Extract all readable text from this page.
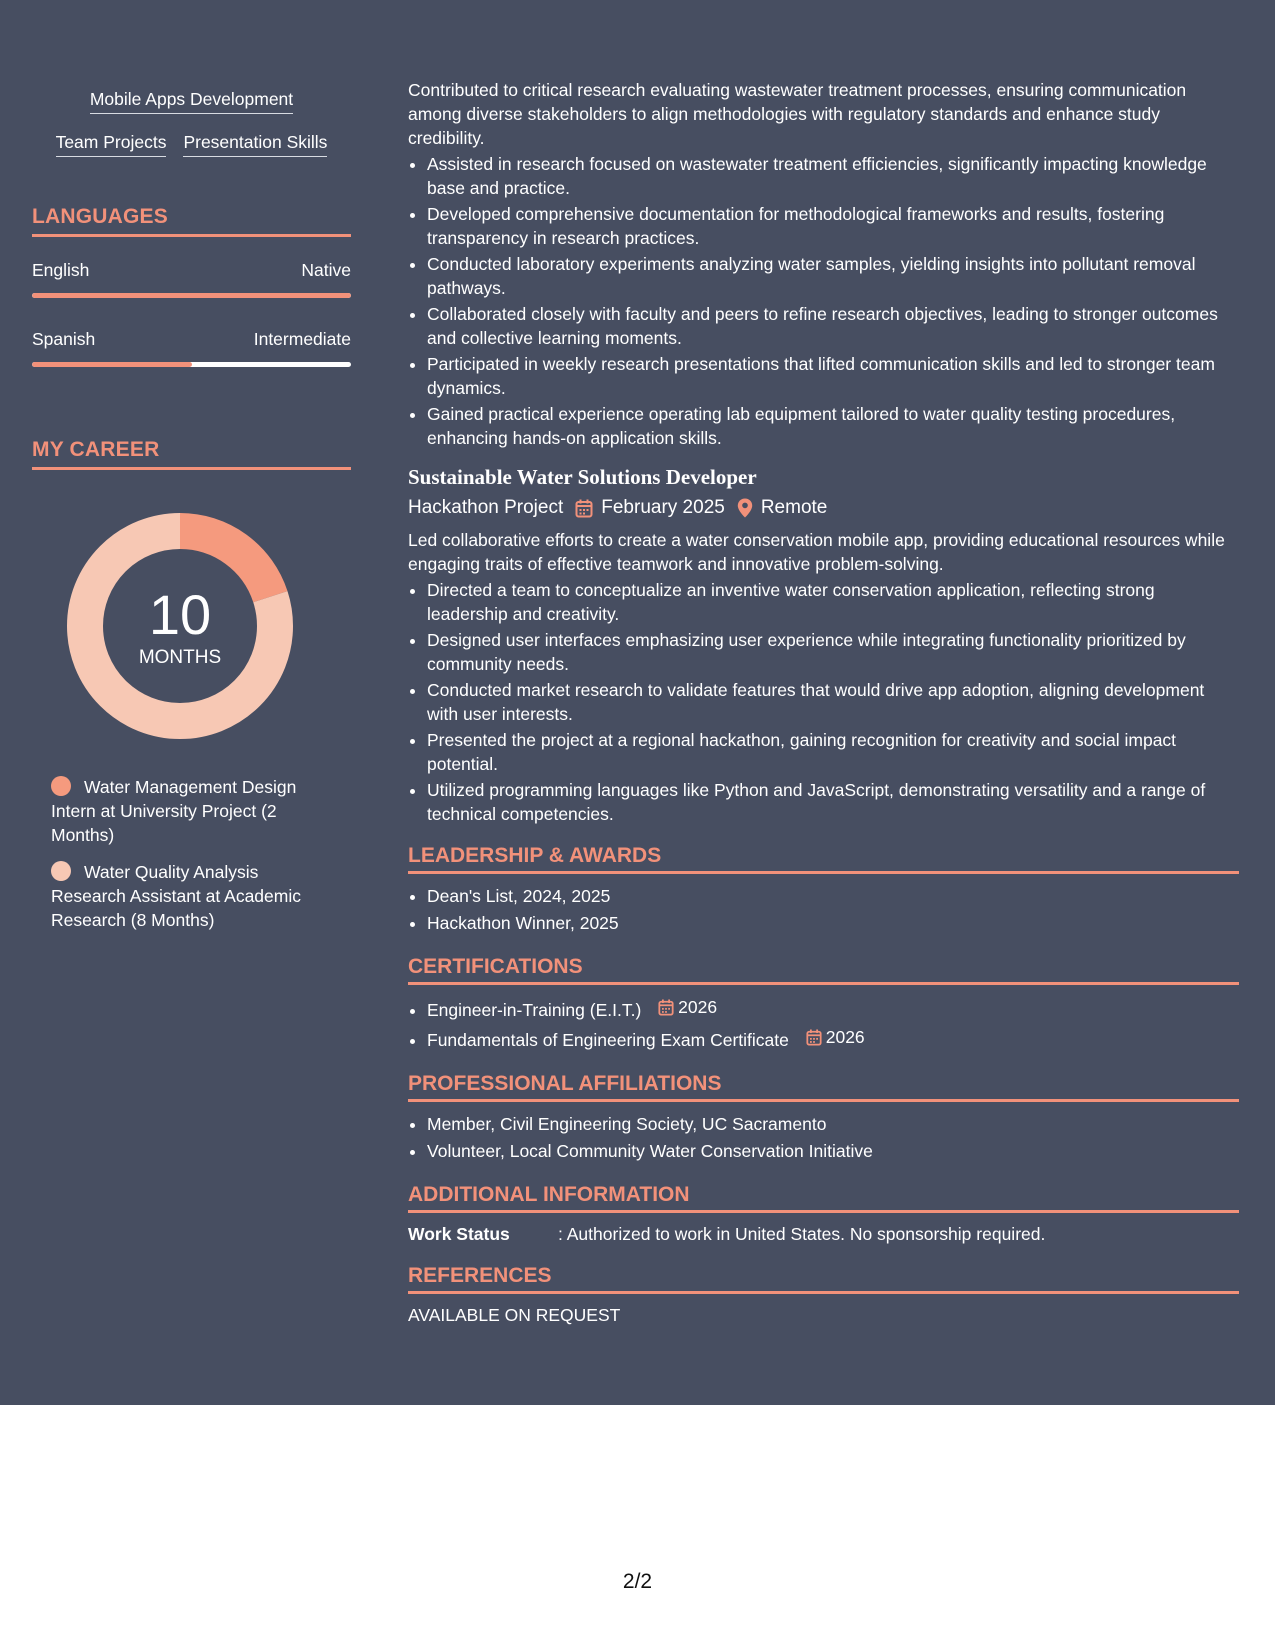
Mobile Apps Development
Team Projects Presentation Skills
LANGUAGES
English	Native
Spanish	Intermediate
MY CAREER
10
MONTHS
Water Management Design Intern at University Project (2 Months)
Water Quality Analysis Research Assistant at Academic Research (8 Months)

Contributed to critical research evaluating wastewater treatment processes, ensuring communication among diverse stakeholders to align methodologies with regulatory standards and enhance study credibility.

• Assisted in research focused on wastewater treatment efficiencies, significantly impacting knowledge base and practice.
• Developed comprehensive documentation for methodological frameworks and results, fostering transparency in research practices.
• Conducted laboratory experiments analyzing water samples, yielding insights into pollutant removal pathways.
• Collaborated closely with faculty and peers to refine research objectives, leading to stronger outcomes and collective learning moments.
• Participated in weekly research presentations that lifted communication skills and led to stronger team dynamics.
• Gained practical experience operating lab equipment tailored to water quality testing procedures, enhancing hands-on application skills.
Sustainable Water Solutions Developer
Hackathon Project February 2025 Remote

Led collaborative efforts to create a water conservation mobile app, providing educational resources while engaging traits of effective teamwork and innovative problem-solving.

• Directed a team to conceptualize an inventive water conservation application, reflecting strong leadership and creativity.
• Designed user interfaces emphasizing user experience while integrating functionality prioritized by community needs.
• Conducted market research to validate features that would drive app adoption, aligning development with user interests.
• Presented the project at a regional hackathon, gaining recognition for creativity and social impact potential.
• Utilized programming languages like Python and JavaScript, demonstrating versatility and a range of technical competencies.
LEADERSHIP & AWARDS
• Dean's List, 2024, 2025
• Hackathon Winner, 2025
CERTIFICATIONS
• Engineer-in-Training (E.I.T.) 2026
• Fundamentals of Engineering Exam Certificate 2026
PROFESSIONAL AFFILIATIONS
• Member, Civil Engineering Society, UC Sacramento
• Volunteer, Local Community Water Conservation Initiative
ADDITIONAL INFORMATION
Work Status	: Authorized to work in United States. No sponsorship required.
REFERENCES
AVAILABLE ON REQUEST
2/2
